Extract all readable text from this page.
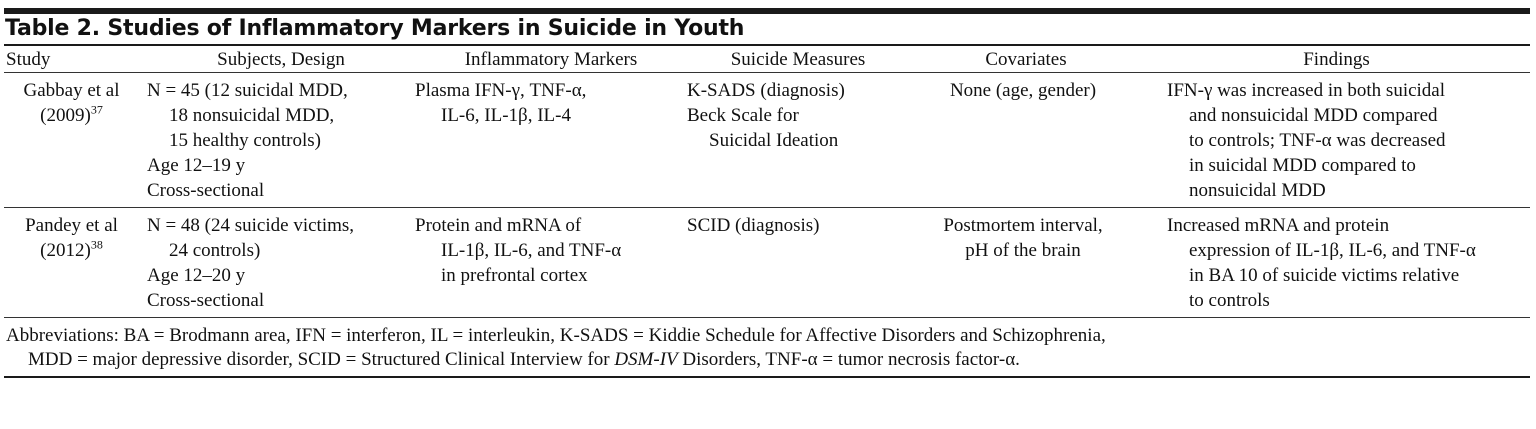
Table 2. Studies of Inflammatory Markers in Suicide in Youth
Study	Subjects, Design	Inflammatory Markers	Suicide Measures	Covariates	Findings

Gabbay et al
$(2009)^{37}$	N = 45 (12 suicidal MDD,
18 nonsuicidal MDD,
15 healthy controls)
Age 12–19 y
Cross-sectional	Plasma IFN-γ, TNF-α,
IL-6, IL-1β, IL-4	K-SADS (diagnosis)
Beck Scale for
Suicidal Ideation	None (age, gender)	IFN-γ was increased in both suicidal
and nonsuicidal MDD compared
to controls; TNF-α was decreased
in suicidal MDD compared to
nonsuicidal MDD

Pandey et al
$(2012)^{38}$	N = 48 (24 suicide victims,
24 controls)
Age 12–20 y
Cross-sectional	Protein and mRNA of
IL-1β, IL-6, and TNF-α
in prefrontal cortex	SCID (diagnosis)	Postmortem interval,
pH of the brain	Increased mRNA and protein
expression of IL-1β, IL-6, and TNF-α
in BA 10 of suicide victims relative
to controls
Abbreviations: BA = Brodmann area, IFN = interferon, IL = interleukin, K-SADS = Kiddie Schedule for Affective Disorders and Schizophrenia,
MDD = major depressive disorder, SCID = Structured Clinical Interview for DSM-IV Disorders, TNF-α = tumor necrosis factor-α.
